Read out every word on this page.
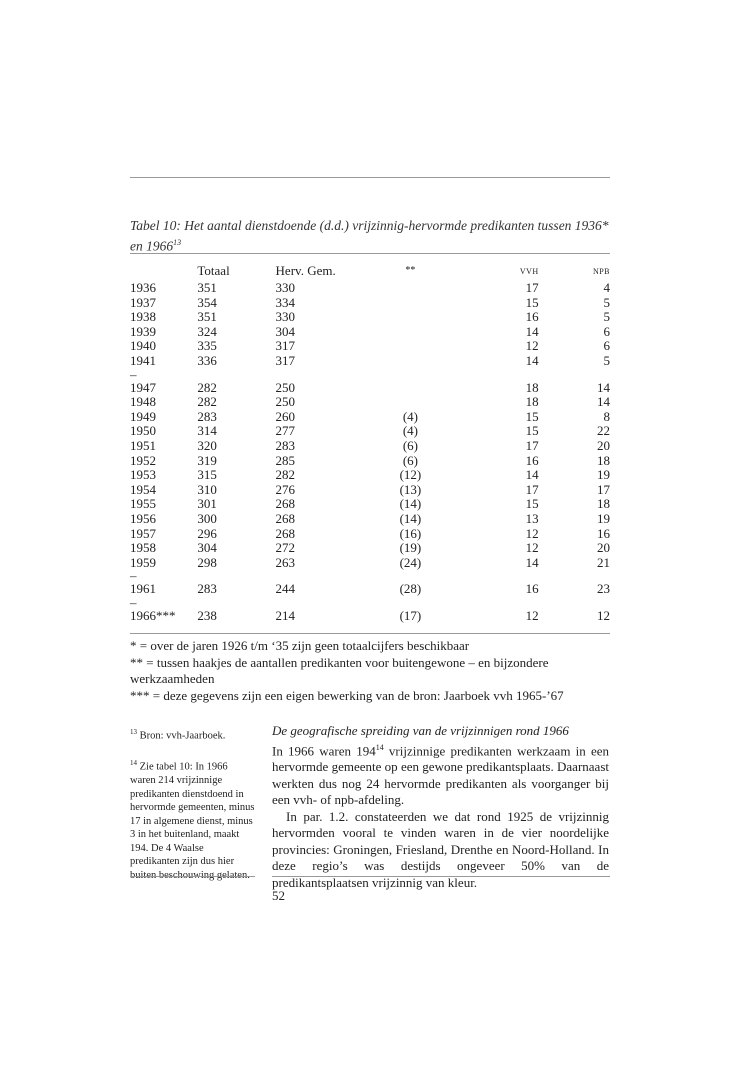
Tabel 10: Het aantal dienstdoende (d.d.) vrijzinnig-hervormde predikanten tussen 1936* en 1966$^{13}$
	Totaal	Herv. Gem.	**	vvh	npb
1936	351	330		17	4
1937	354	334		15	5
1938	351	330		16	5
1939	324	304		14	6
1940	335	317		12	6
1941	336	317		14	5
–					
1947	282	250		18	14
1948	282	250		18	14
1949	283	260	(4)	15	8
1950	314	277	(4)	15	22
1951	320	283	(6)	17	20
1952	319	285	(6)	16	18
1953	315	282	(12)	14	19
1954	310	276	(13)	17	17
1955	301	268	(14)	15	18
1956	300	268	(14)	13	19
1957	296	268	(16)	12	16
1958	304	272	(19)	12	20
1959	298	263	(24)	14	21
–					
1961	283	244	(28)	16	23
–					
1966***	238	214	(17)	12	12

* = over de jaren 1926 t/m ‘35 zijn geen totaalcijfers beschikbaar

** = tussen haakjes de aantallen predikanten voor buitengewone – en bijzondere werkzaamheden

*** = deze gegevens zijn een eigen bewerking van de bron: Jaarboek vvh 1965-’67

$^{13}$ Bron: vvh-Jaarboek.

$^{14}$ Zie tabel 10: In 1966 waren 214 vrijzinnige predikanten dienstdoend in hervormde gemeenten, minus 17 in algemene dienst, minus 3 in het buitenland, maakt 194. De 4 Waalse predikanten zijn dus hier buiten beschouwing gelaten.

De geografische spreiding van de vrijzinnigen rond 1966

In 1966 waren $194^{14}$ vrijzinnige predikanten werkzaam in een hervormde gemeente op een gewone predikantsplaats. Daarnaast werkten dus nog 24 hervormde predikanten als voorganger bij een vvh- of npb-afdeling.

In par. 1.2. constateerden we dat rond 1925 de vrijzinnig hervormden vooral te vinden waren in de vier noordelijke provincies: Groningen, Friesland, Drenthe en Noord-Holland. In deze regio’s was destijds ongeveer 50% van de predikantsplaatsen vrijzinnig van kleur.

52
